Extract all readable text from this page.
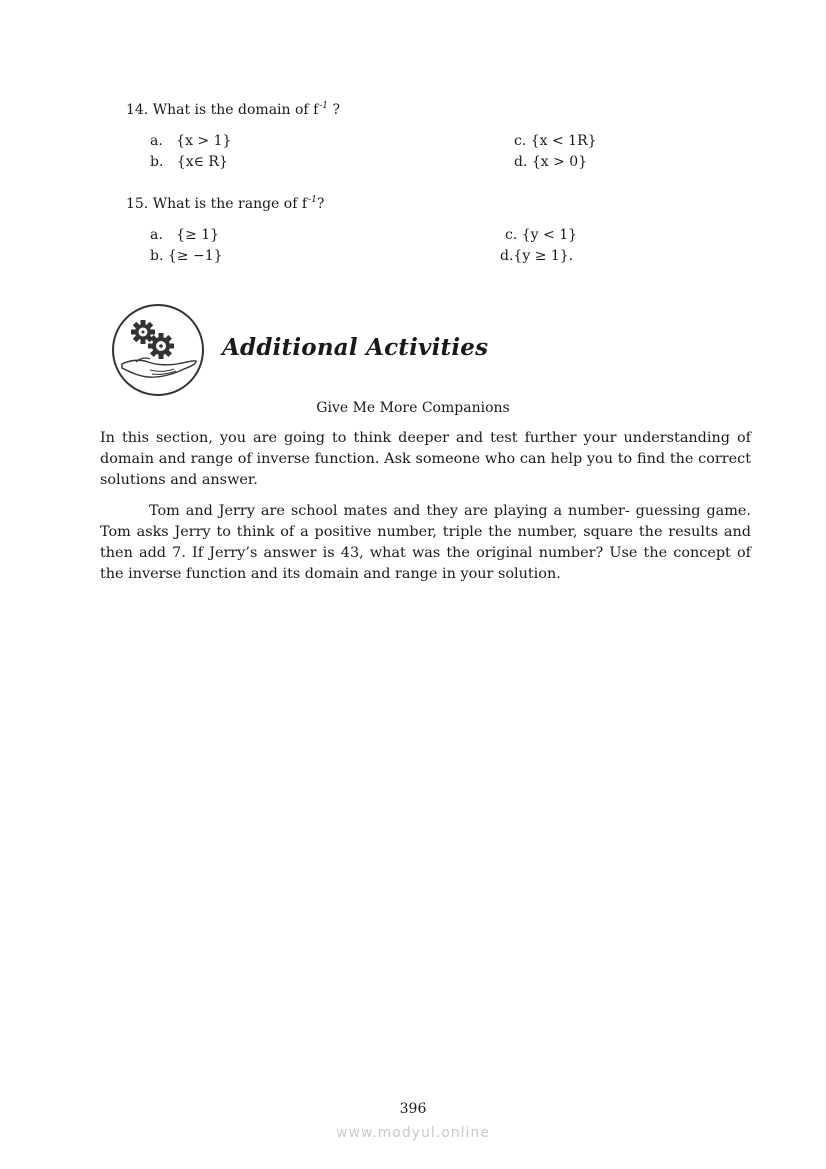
14. What is the domain of $f^{-1}$ ?
a. {x > 1}
b. {x∈ R}
c. {x < 1R}
d. {x > 0}
15. What is the range of $f^{-1}$?
a. {≥ 1}
b. {≥ −1}
c. {y < 1}
d.{y ≥ 1}.
Additional Activities
Give Me More Companions
In this section, you are going to think deeper and test further your understanding of domain and range of inverse function. Ask someone who can help you to find the correct solutions and answer.
Tom and Jerry are school mates and they are playing a number- guessing game. Tom asks Jerry to think of a positive number, triple the number, square the results and then add 7. If Jerry’s answer is 43, what was the original number? Use the concept of the inverse function and its domain and range in your solution.
396
www.modyul.online
